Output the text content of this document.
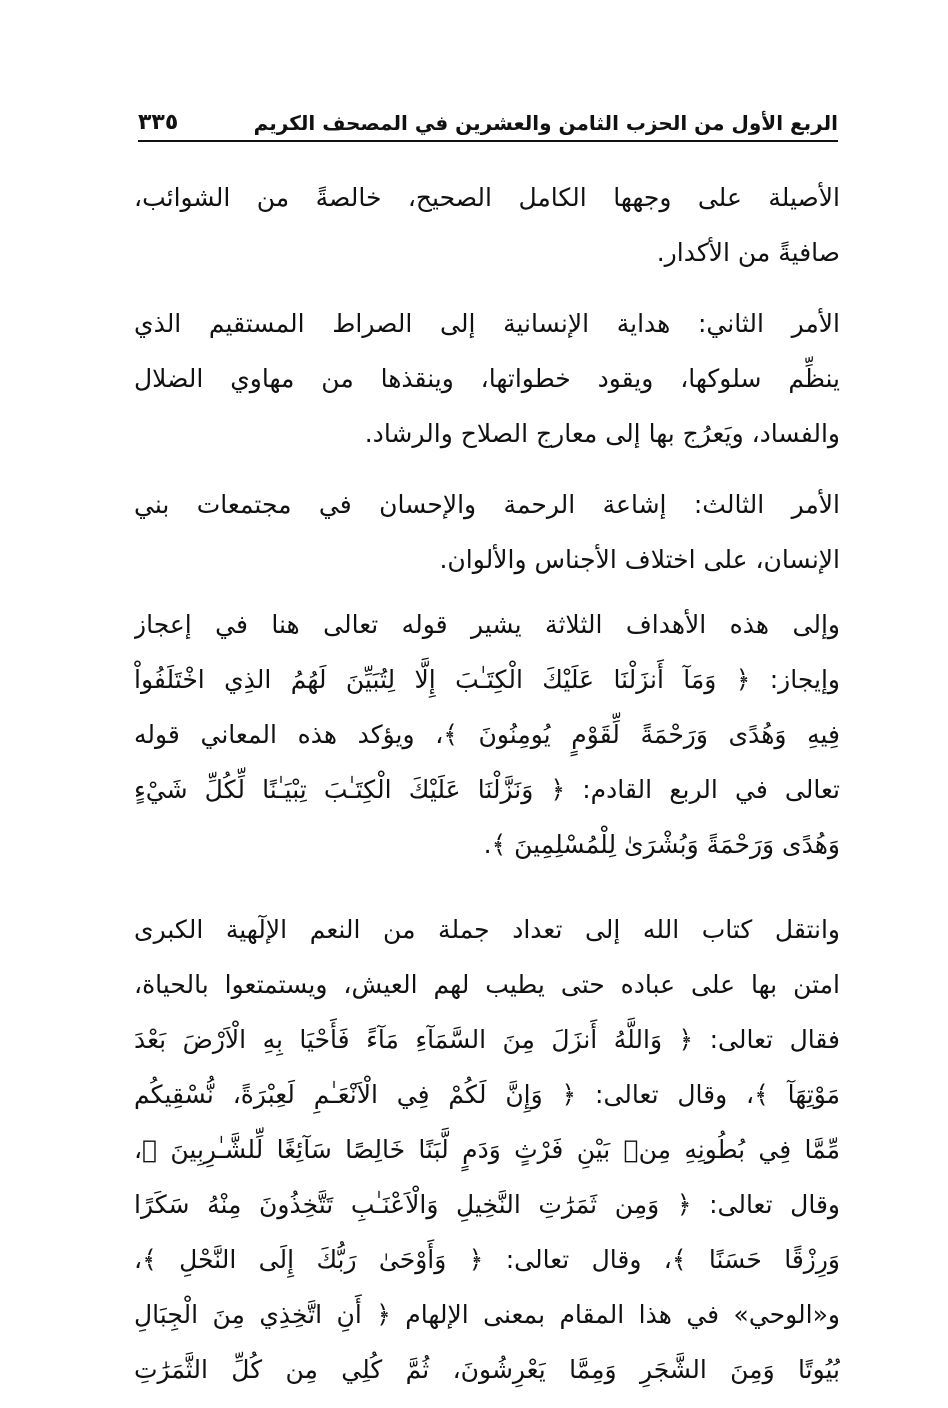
الربع الأول من الحزب الثامن والعشرين في المصحف الكريم
٣٣٥
الأصيلة على وجهها الكامل الصحيح، خالصةً من الشوائب،
صافيةً من الأكدار.
الأمر الثاني: هداية الإنسانية إلى الصراط المستقيم الذي
ينظِّم سلوكها، ويقود خطواتها، وينقذها من مهاوي الضلال
والفساد، ويَعرُج بها إلى معارج الصلاح والرشاد.
الأمر الثالث: إشاعة الرحمة والإحسان في مجتمعات بني
الإنسان، على اختلاف الأجناس والألوان.
وإلى هذه الأهداف الثلاثة يشير قوله تعالى هنا في إعجاز
وإيجاز: ﴿ وَمَآ أَنزَلْنَا عَلَيْكَ الْكِتَـٰبَ إِلَّا لِتُبَيِّنَ لَهُمُ الذِي اخْتَلَفُواْ
فِيهِ وَهُدًى وَرَحْمَةً لِّقَوْمٍ يُومِنُونَ ﴾، ويؤكد هذه المعاني قوله
تعالى في الربع القادم: ﴿ وَنَزَّلْنَا عَلَيْكَ الْكِتَـٰبَ تِبْيَـٰنًا لِّكُلِّ شَيْءٍ
وَهُدًى وَرَحْمَةً وَبُشْرَىٰ لِلْمُسْلِمِينَ ﴾.
وانتقل كتاب الله إلى تعداد جملة من النعم الإلٓهية الكبرى
امتن بها على عباده حتى يطيب لهم العيش، ويستمتعوا بالحياة،
فقال تعالى: ﴿ وَاللَّهُ أَنزَلَ مِنَ السَّمَآءِ مَآءً فَأَحْيَا بِهِ الْاَرْضَ بَعْدَ
مَوْتِهَآ ﴾، وقال تعالى: ﴿ وَإِنَّ لَكُمْ فِي الْاَنْعَـٰمِ لَعِبْرَةً، نُّسْقِيكُم
مِّمَّا فِي بُطُونِهِ مِنۢ بَيْنِ فَرْثٍ وَدَمٍ لَّبَنًا خَالِصًا سَآئِغًا لِّلشَّـٰرِبِينَ ﴾،
وقال تعالى: ﴿ وَمِن ثَمَرَٰتِ النَّخِيلِ وَالْاَعْنَـٰبِ تَتَّخِذُونَ مِنْهُ سَكَرًا
وَرِزْقًا حَسَنًا ﴾، وقال تعالى: ﴿ وَأَوْحَىٰ رَبُّكَ إِلَى النَّحْلِ ﴾،
و«الوحي» في هذا المقام بمعنى الإلهام ﴿ أَنِ اتَّخِذِي مِنَ الْجِبَالِ
بُيُوتًا وَمِنَ الشَّجَرِ وَمِمَّا يَعْرِشُونَ، ثُمَّ كُلِي مِن كُلِّ الثَّمَرَٰتِ
